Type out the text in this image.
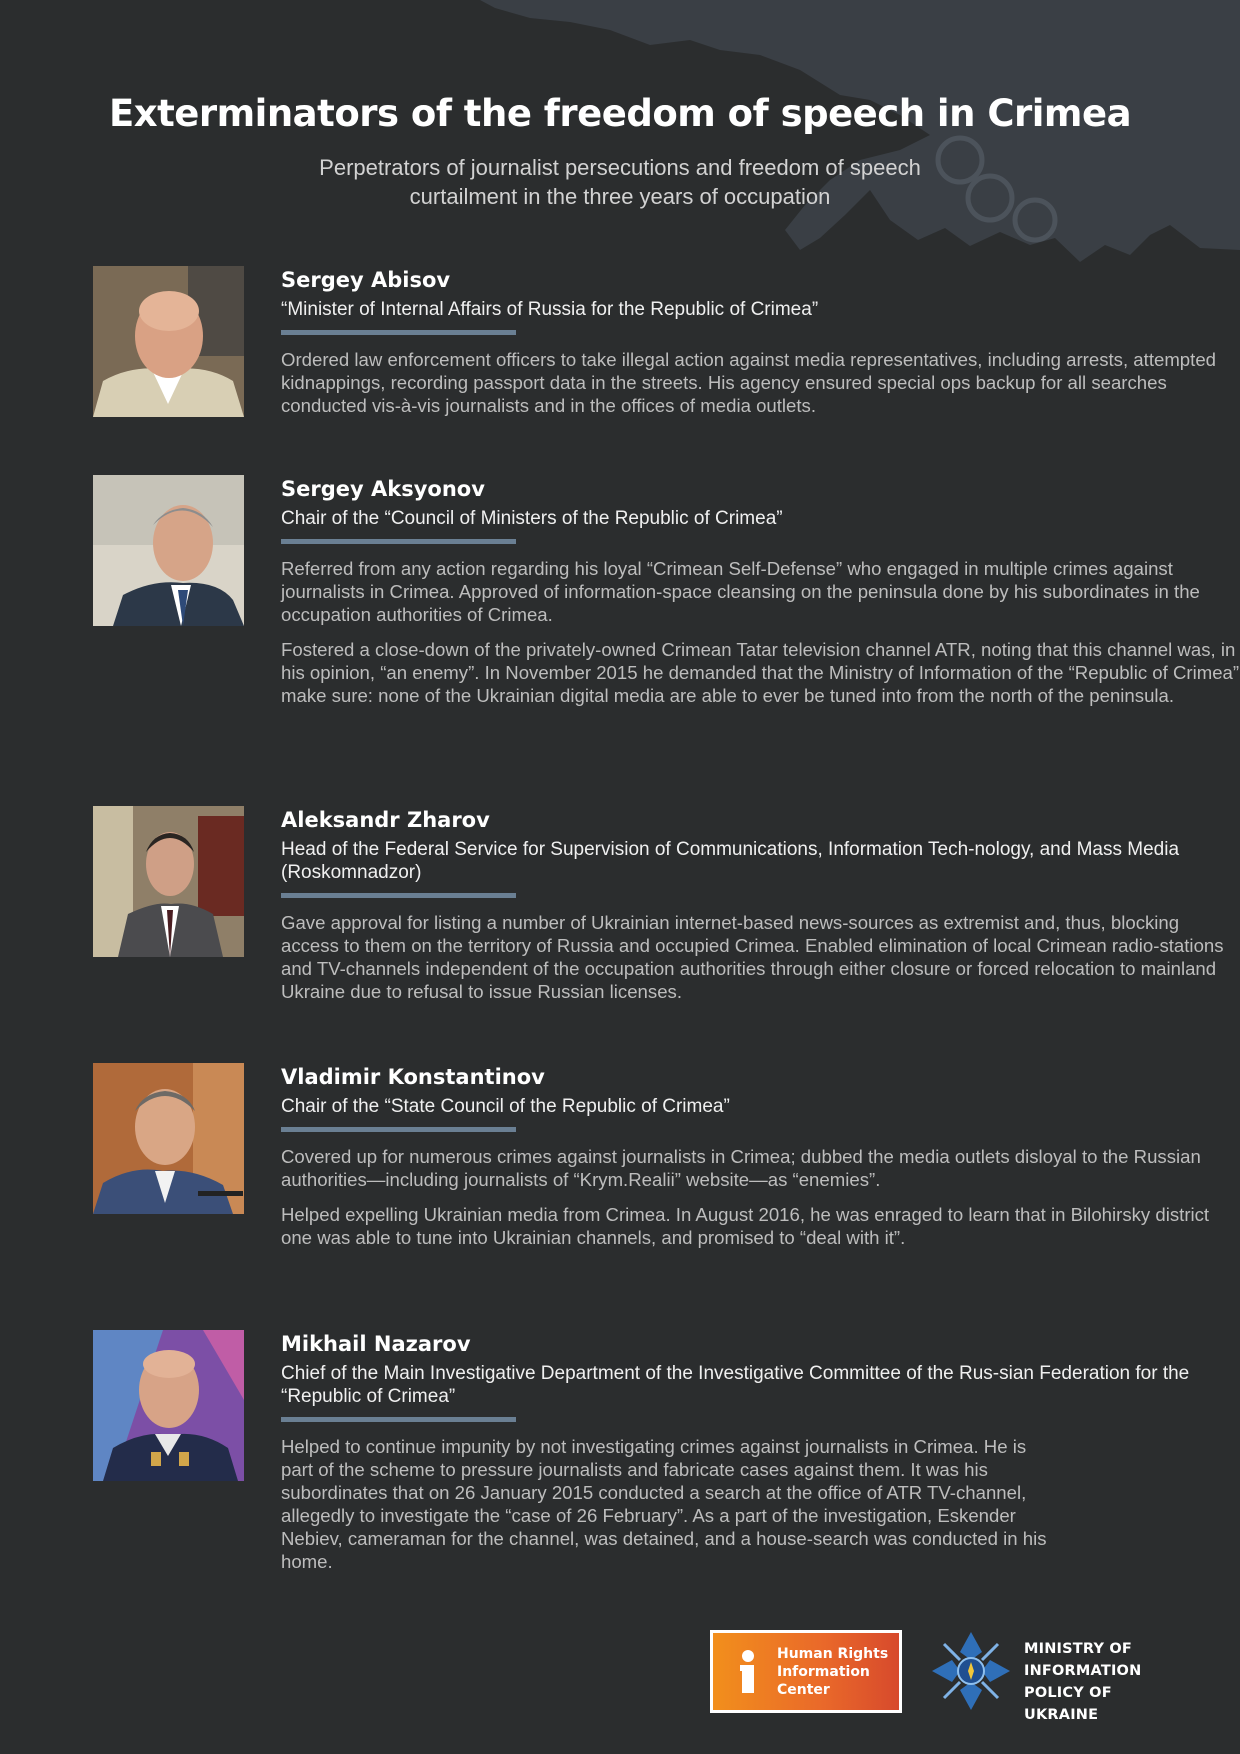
Exterminators of the freedom of speech in Crimea
Perpetrators of journalist persecutions and freedom of speech
curtailment in the three years of occupation
Sergey Abisov
“Minister of Internal Affairs of Russia for the Republic of Crimea”

Ordered law enforcement officers to take illegal action against media representatives, including arrests, attempted kidnappings, recording passport data in the streets. His agency ensured special ops backup for all searches conducted vis-à-vis journalists and in the offices of media outlets.

Sergey Aksyonov
Chair of the “Council of Ministers of the Republic of Crimea”

Referred from any action regarding his loyal “Crimean Self-Defense” who engaged in multiple crimes against journalists in Crimea. Approved of information-space cleansing on the peninsula done by his subordinates in the occupation authorities of Crimea.

Fostered a close-down of the privately-owned Crimean Tatar television channel ATR, noting that this channel was, in his opinion, “an enemy”. In November 2015 he demanded that the Ministry of Information of the “Republic of Crimea” make sure: none of the Ukrainian digital media are able to ever be tuned into from the north of the peninsula.

Aleksandr Zharov
Head of the Federal Service for Supervision of Communications, Information Tech-nology, and Mass Media (Roskomnadzor)

Gave approval for listing a number of Ukrainian internet-based news-sources as extremist and, thus, blocking access to them on the territory of Russia and occupied Crimea. Enabled elimination of local Crimean radio-stations and TV-channels independent of the occupation authorities through either closure or forced relocation to mainland Ukraine due to refusal to issue Russian licenses.

Vladimir Konstantinov
Chair of the “State Council of the Republic of Crimea”

Covered up for numerous crimes against journalists in Crimea; dubbed the media outlets disloyal to the Russian authorities—including journalists of “Krym.Realii” website—as “enemies”.

Helped expelling Ukrainian media from Crimea. In August 2016, he was enraged to learn that in Bilohirsky district one was able to tune into Ukrainian channels, and promised to “deal with it”.

Mikhail Nazarov
Chief of the Main Investigative Department of the Investigative Committee of the Rus-sian Federation for the “Republic of Crimea”

Helped to continue impunity by not investigating crimes against journalists in Crimea. He is part of the scheme to pressure journalists and fabricate cases against them. It was his subordinates that on 26 January 2015 conducted a search at the office of ATR TV-channel, allegedly to investigate the “case of 26 February”. As a part of the investigation, Eskender Nebiev, cameraman for the channel, was detained, and a house-search was conducted in his home.

Human Rights
Information
Center
MINISTRY OF
INFORMATION POLICY OF
UKRAINE
